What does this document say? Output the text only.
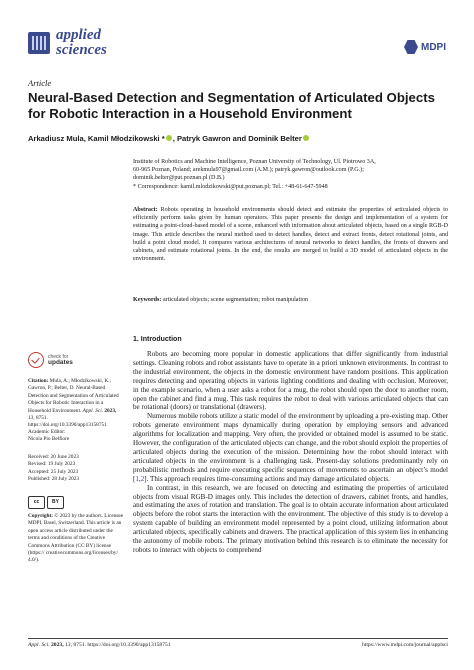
applied
sciences	MDPI
Article
Neural-Based Detection and Segmentation of Articulated Objects for Robotic Interaction in a Household Environment
Arkadiusz Mula, Kamil Młodzikowski * , Patryk Gawron and Dominik Belter
Institute of Robotics and Machine Intelligence, Poznan University of Technology, Ul. Piotrowo 3A,
60-965 Poznan, Poland; arekmula97@gmail.com (A.M.); patryk.gawron@outlook.com (P.G.);
dominik.belter@put.poznan.pl (D.B.)
* Correspondence: kamil.mlodzikowski@put.poznan.pl; Tel.: +48-61-647-5948
Abstract: Robots operating in household environments should detect and estimate the properties of articulated objects to efficiently perform tasks given by human operators. This paper presents the design and implementation of a system for estimating a point-cloud-based model of a scene, enhanced with information about articulated objects, based on a single RGB-D image. This article describes the neural method used to detect handles, detect and extract fronts, detect rotational joints, and build a point cloud model. It compares various architectures of neural networks to detect handles, the fronts of drawers and cabinets, and estimate rotational joints. In the end, the results are merged to build a 3D model of articulated objects in the environment.
Keywords: articulated objects; scene segmentation; robot manipulation
1. Introduction

Robots are becoming more popular in domestic applications that differ significantly from industrial settings. Cleaning robots and robot assistants have to operate in a priori unknown environments. In contrast to the industrial environment, the objects in the domestic environment have random positions. This application requires detecting and operating objects in various lighting conditions and dealing with occlusion. Moreover, in the example scenario, when a user asks a robot for a mug, the robot should open the door to another room, open the cabinet and find a mug. This task requires the robot to deal with various articulated objects that can be rotational (doors) or translational (drawers).

Numerous mobile robots utilize a static model of the environment by uploading a pre-existing map. Other robots generate environment maps dynamically during operation by employing sensors and advanced algorithms for localization and mapping. Very often, the provided or obtained model is assumed to be static. However, the configuration of the articulated objects can change, and the robot should exploit the properties of articulated objects during the execution of the mission. Determining how the robot should interact with articulated objects in the environment is a challenging task. Present-day solutions predominantly rely on probabilistic methods and require executing specific sequences of movements to ascertain an object’s model [1,2]. This approach requires time-consuming actions and may damage articulated objects.

In contrast, in this research, we are focused on detecting and estimating the properties of articulated objects from visual RGB-D images only. This includes the detection of drawers, cabinet fronts, and handles, and estimating the axes of rotation and translation. The goal is to obtain accurate information about articulated objects before the robot starts the interaction with the environment. The objective of this study is to develop a system capable of building an environment model represented by a point cloud, utilizing information about articulated objects, specifically cabinets and drawers. The practical application of this system lies in enhancing the autonomy of mobile robots. The primary motivation behind this research is to eliminate the necessity for robots to interact with objects to comprehend

check for
updates
Citation: Mula, A.; Młodzikowski, K.; Gawron, P.; Belter, D. Neural-Based Detection and Segmentation of Articulated Objects for Robotic Interaction in a Household Environment. Appl. Sci. 2023, 13, 8751. https://doi.org/10.3390/app13158751
Academic Editor:
Nicola Pio Belfiore
Received: 20 June 2023
Revised: 19 July 2023
Accepted: 25 July 2023
Published: 28 July 2023
cc	BY
Copyright: © 2023 by the authors. Licensee MDPI, Basel, Switzerland. This article is an open access article distributed under the terms and conditions of the Creative Commons Attribution (CC BY) license (https:// creativecommons.org/licenses/by/ 4.0/).
Appl. Sci. 2023, 13, 8751. https://doi.org/10.3390/app13158751	https://www.mdpi.com/journal/applsci
